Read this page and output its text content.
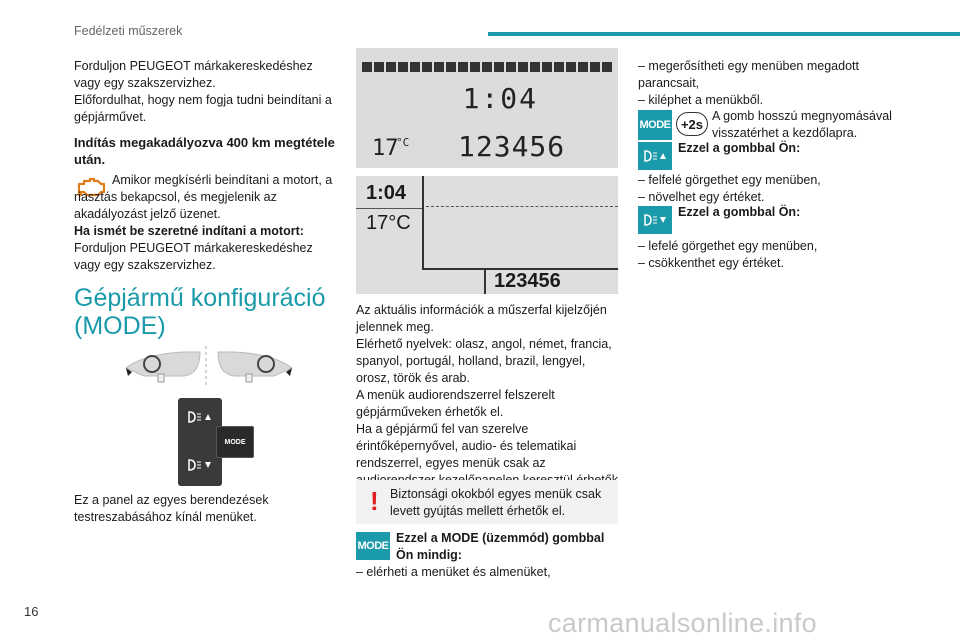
Fedélzeti műszerek

Forduljon PEUGEOT márkakereskedéshez vagy egy szakszervizhez.

Előfordulhat, hogy nem fogja tudni beindítani a gépjárművet.

Indítás megakadályozva 400 km megtétele után.

Amikor megkísérli beindítani a motort, a riasztás bekapcsol, és megjelenik az akadályozást jelző üzenet.

Ha ismét be szeretné indítani a motort:

Forduljon PEUGEOT márkakereskedéshez vagy egy szakszervizhez.

Gépjármű konfiguráció
(MODE)
MODE

Ez a panel az egyes berendezések testreszabásához kínál menüket.

1:04
17
°C 123456
1:04
17°C
123456

Az aktuális információk a műszerfal kijelzőjén jelennek meg.

Elérhető nyelvek: olasz, angol, német, francia, spanyol, portugál, holland, brazil, lengyel, orosz, török és arab.

A menük audiorendszerrel felszerelt gépjárműveken érhetők el.

Ha a gépjármű fel van szerelve érintőképernyővel, audio- és telematikai rendszerrel, egyes menük csak az

! Biztonsági okokból egyes menük csak levett gyújtás mellett érhetők el.
MODE

Ezzel a MODE (üzemmód) gombbal Ön mindig:

– elérheti a menüket és almenüket,

– megerősítheti egy menüben megadott parancsait,

– kiléphet a menükből.

MODE +2s

A gomb hosszú megnyomásával visszatérhet a kezdőlapra.

Ezzel a gombbal Ön:

– felfelé görgethet egy menüben,

– növelhet egy értéket.

Ezzel a gombbal Ön:

– lefelé görgethet egy menüben,

– csökkenthet egy értéket.

16	carmanualsonline.info
